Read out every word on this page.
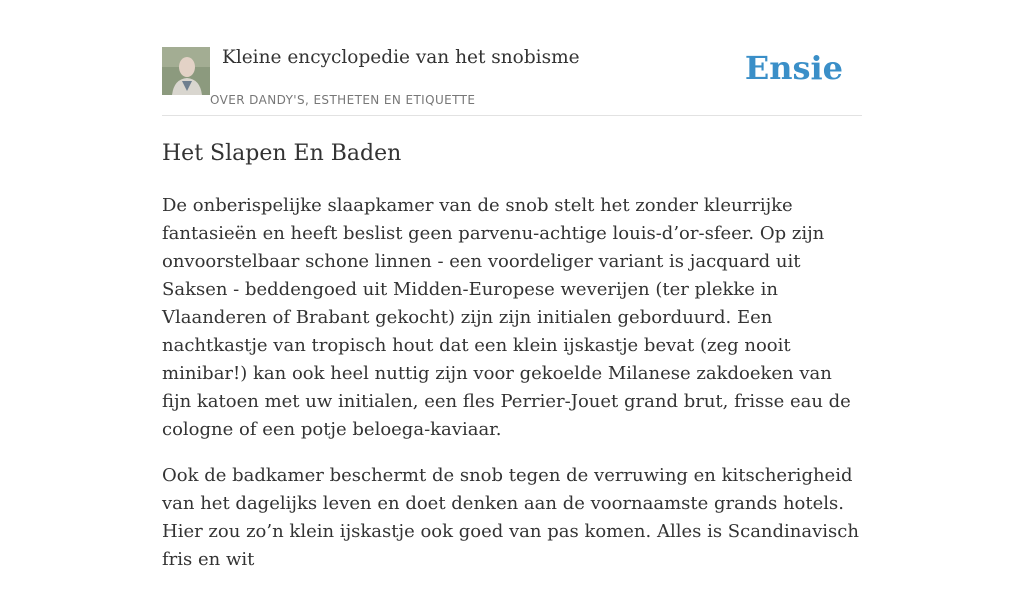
Kleine encyclopedie van het snobisme
OVER DANDY'S, ESTHETEN EN ETIQUETTE
Ensie
Het Slapen En Baden

De onberispelijke slaapkamer van de snob stelt het zonder kleurrijke fantasieën en heeft beslist geen parvenu-achtige louis-d’or-sfeer. Op zijn onvoorstelbaar schone linnen - een voordeliger variant is jacquard uit Saksen - beddengoed uit Midden-Europese weverijen (ter plekke in Vlaanderen of Brabant gekocht) zijn zijn initialen geborduurd. Een nachtkastje van tropisch hout dat een klein ijskastje bevat (zeg nooit minibar!) kan ook heel nuttig zijn voor gekoelde Milanese zakdoeken van fijn katoen met uw initialen, een fles Perrier-Jouet grand brut, frisse eau de cologne of een potje beloega-kaviaar.

Ook de badkamer beschermt de snob tegen de verruwing en kitscherigheid van het dagelijks leven en doet denken aan de voornaamste grands hotels. Hier zou zo’n klein ijskastje ook goed van pas komen. Alles is Scandinavisch fris en wit
